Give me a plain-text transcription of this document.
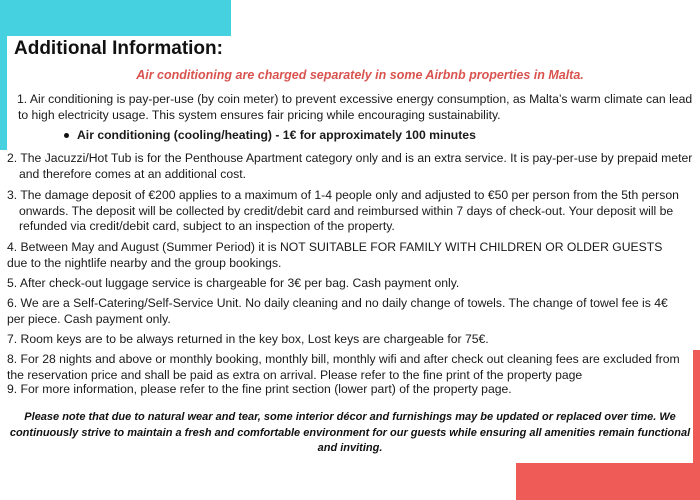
Additional Information:
Air conditioning are charged separately in some Airbnb properties in Malta.
1. Air conditioning is pay-per-use (by coin meter) to prevent excessive energy consumption, as Malta’s warm climate can lead to high electricity usage. This system ensures fair pricing while encouraging sustainability.
Air conditioning (cooling/heating) - 1€ for approximately 100 minutes
2. The Jacuzzi/Hot Tub is for the Penthouse Apartment category only and is an extra service. It is pay-per-use by prepaid meter and therefore comes at an additional cost.
3. The damage deposit of €200 applies to a maximum of 1-4 people only and adjusted to €50 per person from the 5th person onwards. The deposit will be collected by credit/debit card and reimbursed within 7 days of check-out. Your deposit will be refunded via credit/debit card, subject to an inspection of the property.
4. Between May and August (Summer Period) it is NOT SUITABLE FOR FAMILY WITH CHILDREN OR OLDER GUESTS due to the nightlife nearby and the group bookings.
5. After check-out luggage service is chargeable for 3€ per bag. Cash payment only.
6. We are a Self-Catering/Self-Service Unit. No daily cleaning and no daily change of towels. The change of towel fee is 4€ per piece. Cash payment only.
7. Room keys are to be always returned in the key box, Lost keys are chargeable for 75€.
8. For 28 nights and above or monthly booking, monthly bill, monthly wifi and after check out cleaning fees are excluded from the reservation price and shall be paid as extra on arrival. Please refer to the fine print of the property page
9. For more information, please refer to the fine print section (lower part) of the property page.
Please note that due to natural wear and tear, some interior décor and furnishings may be updated or replaced over time. We continuously strive to maintain a fresh and comfortable environment for our guests while ensuring all amenities remain functional and inviting.
